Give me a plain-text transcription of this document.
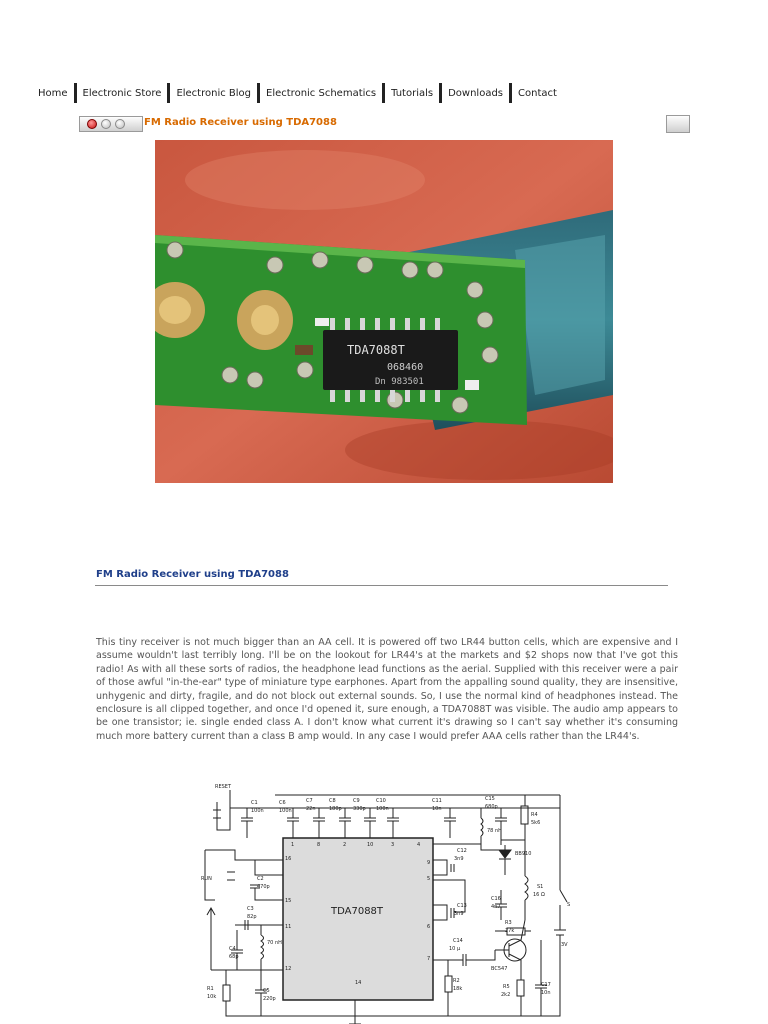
Home	Electronic Store	Electronic Blog	Electronic Schematics	Tutorials	Downloads	Contact
FM Radio Receiver using TDA7088
TDA7088T
068460
Dn 983501
FM Radio Receiver using TDA7088

This tiny receiver is not much bigger than an AA cell. It is powered off two LR44 button cells, which are expensive and I assume wouldn't last terribly long. I'll be on the lookout for LR44's at the markets and $2 shops now that I've got this radio! As with all these sorts of radios, the headphone lead functions as the aerial. Supplied with this receiver were a pair of those awful "in-the-ear" type of miniature type earphones. Apart from the appalling sound quality, they are insensitive, unhygenic and dirty, fragile, and do not block out external sounds. So, I use the normal kind of headphones instead. The enclosure is all clipped together, and once I'd opened it, sure enough, a TDA7088T was visible. The audio amp appears to be one transistor; ie. single ended class A. I don't know what current it's drawing so I can't say whether it's consuming much more battery current than a class B amp would. In any case I would prefer AAA cells rather than the LR44's.

TDA7088T
RESET
C1
100n
C6
100n
C7
22n
C8
180p
C9
330p
C10
100n
C11
10n
C15
680p
R4
5k6
78 nH
C12
3n9
C13
3n9
BB910
S1
16 Ω
C16
4n7
R3
27k
C14
10 µ
BC547
R2
18k	R5
2k2
C17
10n
S
3V
RUN	C2
470p
C3
82p
C4
68p
70 nH
R1
10k
C5
220p
1	8	2	10	3	4
16
15
11
12
14
9
5
6
7
